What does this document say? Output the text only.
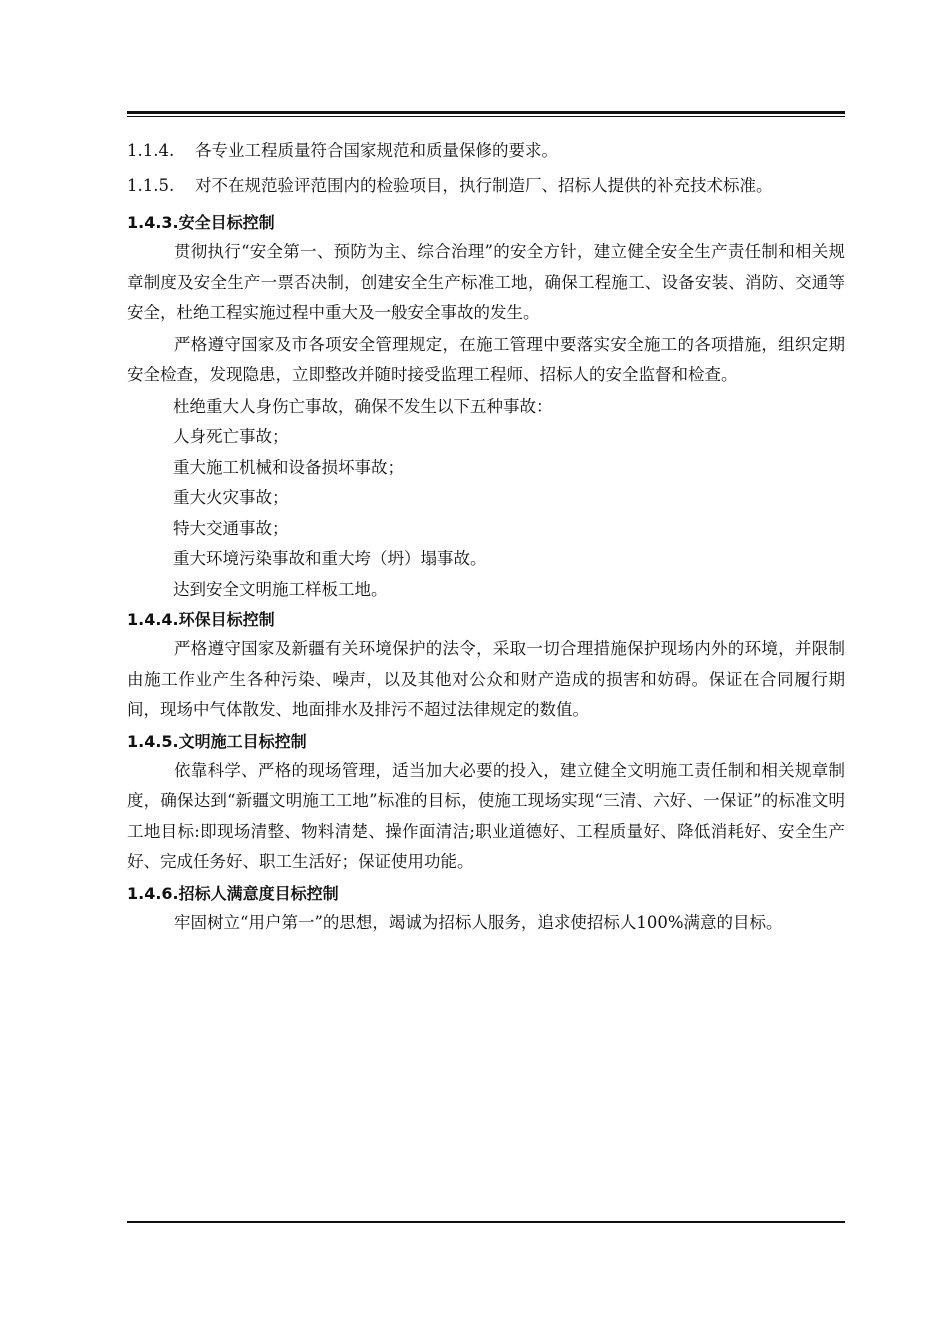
1.1.4. 各专业工程质量符合国家规范和质量保修的要求。
1.1.5. 对不在规范验评范围内的检验项目，执行制造厂、招标人提供的补充技术标准。
1.4.3.安全目标控制

贯彻执行“安全第一、预防为主、综合治理”的安全方针，建立健全安全生产责任制和相关规章制度及安全生产一票否决制，创建安全生产标准工地，确保工程施工、设备安装、消防、交通等安全，杜绝工程实施过程中重大及一般安全事故的发生。

严格遵守国家及市各项安全管理规定，在施工管理中要落实安全施工的各项措施，组织定期安全检查，发现隐患，立即整改并随时接受监理工程师、招标人的安全监督和检查。

杜绝重大人身伤亡事故，确保不发生以下五种事故：
人身死亡事故；
重大施工机械和设备损坏事故；
重大火灾事故；
特大交通事故；
重大环境污染事故和重大垮（坍）塌事故。
达到安全文明施工样板工地。
1.4.4.环保目标控制

严格遵守国家及新疆有关环境保护的法令，采取一切合理措施保护现场内外的环境，并限制由施工作业产生各种污染、噪声，以及其他对公众和财产造成的损害和妨碍。保证在合同履行期间，现场中气体散发、地面排水及排污不超过法律规定的数值。

1.4.5.文明施工目标控制

依靠科学、严格的现场管理，适当加大必要的投入，建立健全文明施工责任制和相关规章制度，确保达到“新疆文明施工工地”标准的目标，使施工现场实现“三清、六好、一保证”的标准文明工地目标:即现场清整、物料清楚、操作面清洁;职业道德好、工程质量好、降低消耗好、安全生产好、完成任务好、职工生活好；保证使用功能。

1.4.6.招标人满意度目标控制

牢固树立“用户第一”的思想，竭诚为招标人服务，追求使招标人100%满意的目标。
